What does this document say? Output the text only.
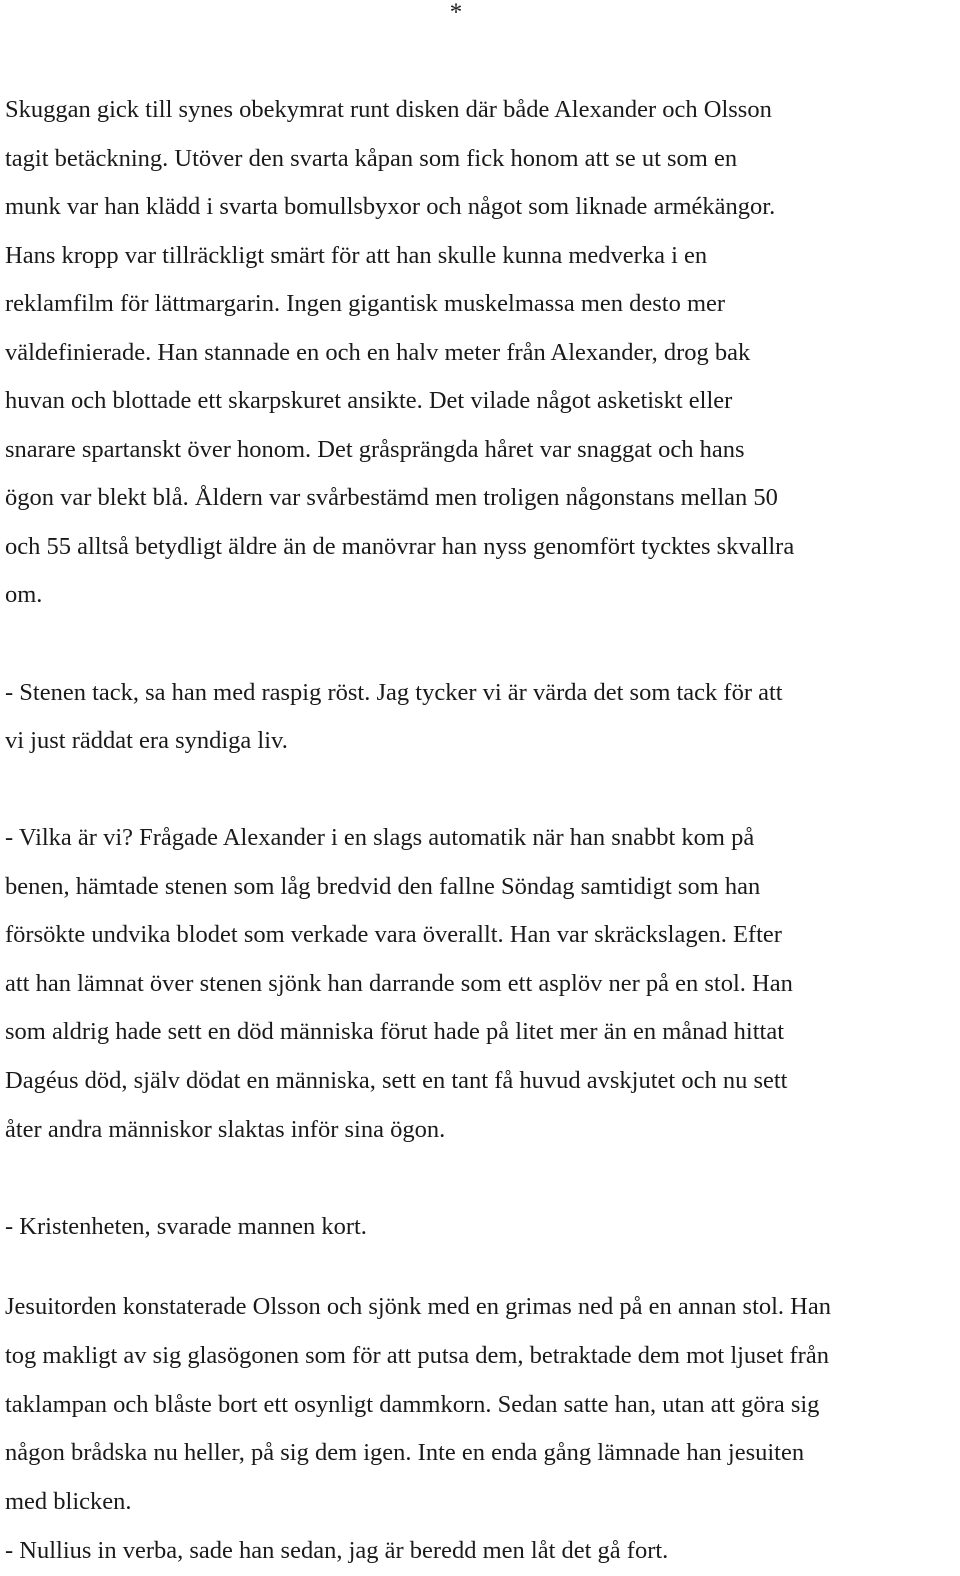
*
Skuggan gick till synes obekymrat runt disken där både Alexander och Olsson
tagit betäckning. Utöver den svarta kåpan som fick honom att se ut som en
munk var han klädd i svarta bomullsbyxor och något som liknade armékängor.
Hans kropp var tillräckligt smärt för att han skulle kunna medverka i en
reklamfilm för lättmargarin. Ingen gigantisk muskelmassa men desto mer
väldefinierade. Han stannade en och en halv meter från Alexander, drog bak
huvan och blottade ett skarpskuret ansikte. Det vilade något asketiskt eller
snarare spartanskt över honom. Det gråsprängda håret var snaggat och hans
ögon var blekt blå. Åldern var svårbestämd men troligen någonstans mellan 50
och 55 alltså betydligt äldre än de manövrar han nyss genomfört tycktes skvallra
om.
- Stenen tack, sa han med raspig röst. Jag tycker vi är värda det som tack för att
vi just räddat era syndiga liv.
- Vilka är vi? Frågade Alexander i en slags automatik när han snabbt kom på
benen, hämtade stenen som låg bredvid den fallne Söndag samtidigt som han
försökte undvika blodet som verkade vara överallt. Han var skräckslagen. Efter
att han lämnat över stenen sjönk han darrande som ett asplöv ner på en stol. Han
som aldrig hade sett en död människa förut hade på litet mer än en månad hittat
Dagéus död, själv dödat en människa, sett en tant få huvud avskjutet och nu sett
åter andra människor slaktas inför sina ögon.
- Kristenheten, svarade mannen kort.
Jesuitorden konstaterade Olsson och sjönk med en grimas ned på en annan stol. Han
tog makligt av sig glasögonen som för att putsa dem, betraktade dem mot ljuset från
taklampan och blåste bort ett osynligt dammkorn. Sedan satte han, utan att göra sig
någon brådska nu heller, på sig dem igen. Inte en enda gång lämnade han jesuiten
med blicken.
- Nullius in verba, sade han sedan, jag är beredd men låt det gå fort.
